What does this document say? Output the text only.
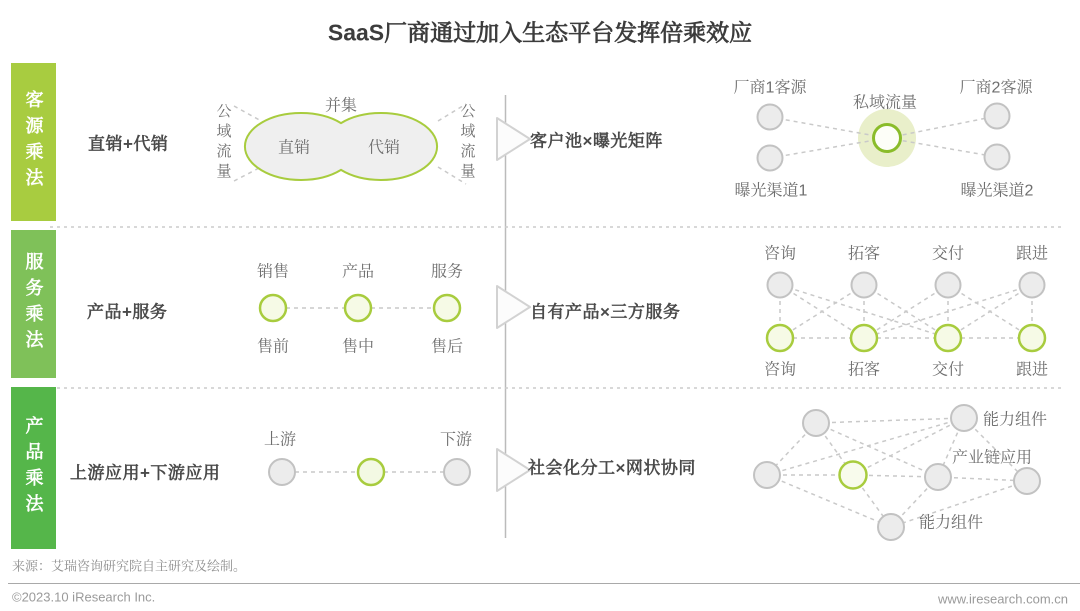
SaaS厂商通过加入生态平台发挥倍乘效应
客源乘法
服务乘法
产品乘法
直销+代销	客户池×曝光矩阵
并集
直销	代销
公域流量	公域流量
厂商1客源
私域流量
厂商2客源
曝光渠道1	曝光渠道2
产品+服务	自有产品×三方服务
销售	产品	服务
售前	售中	售后
咨询	拓客	交付	跟进
咨询	拓客	交付	跟进
上游应用+下游应用	社会化分工×网状协同
上游	下游
能力组件
产业链应用
能力组件
来源：艾瑞咨询研究院自主研究及绘制。
©2023.10 iResearch Inc.	www.iresearch.com.cn
